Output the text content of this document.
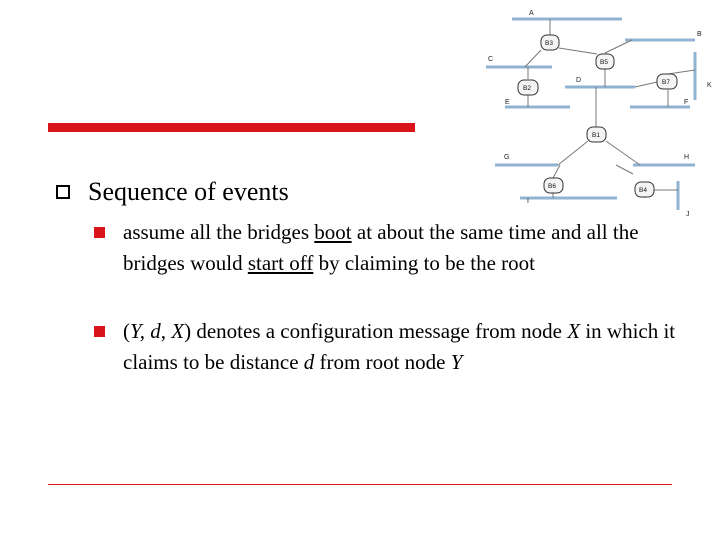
A
B
C
D
E	F
G	H
I
J
K
B3
B5
B2
B7
B1
B6
B4
Sequence of events
assume all the bridges boot at about the same time and all the bridges would start off by claiming to be the root
(Y, d, X) denotes a configuration message from node X in which it claims to be distance d from root node Y
